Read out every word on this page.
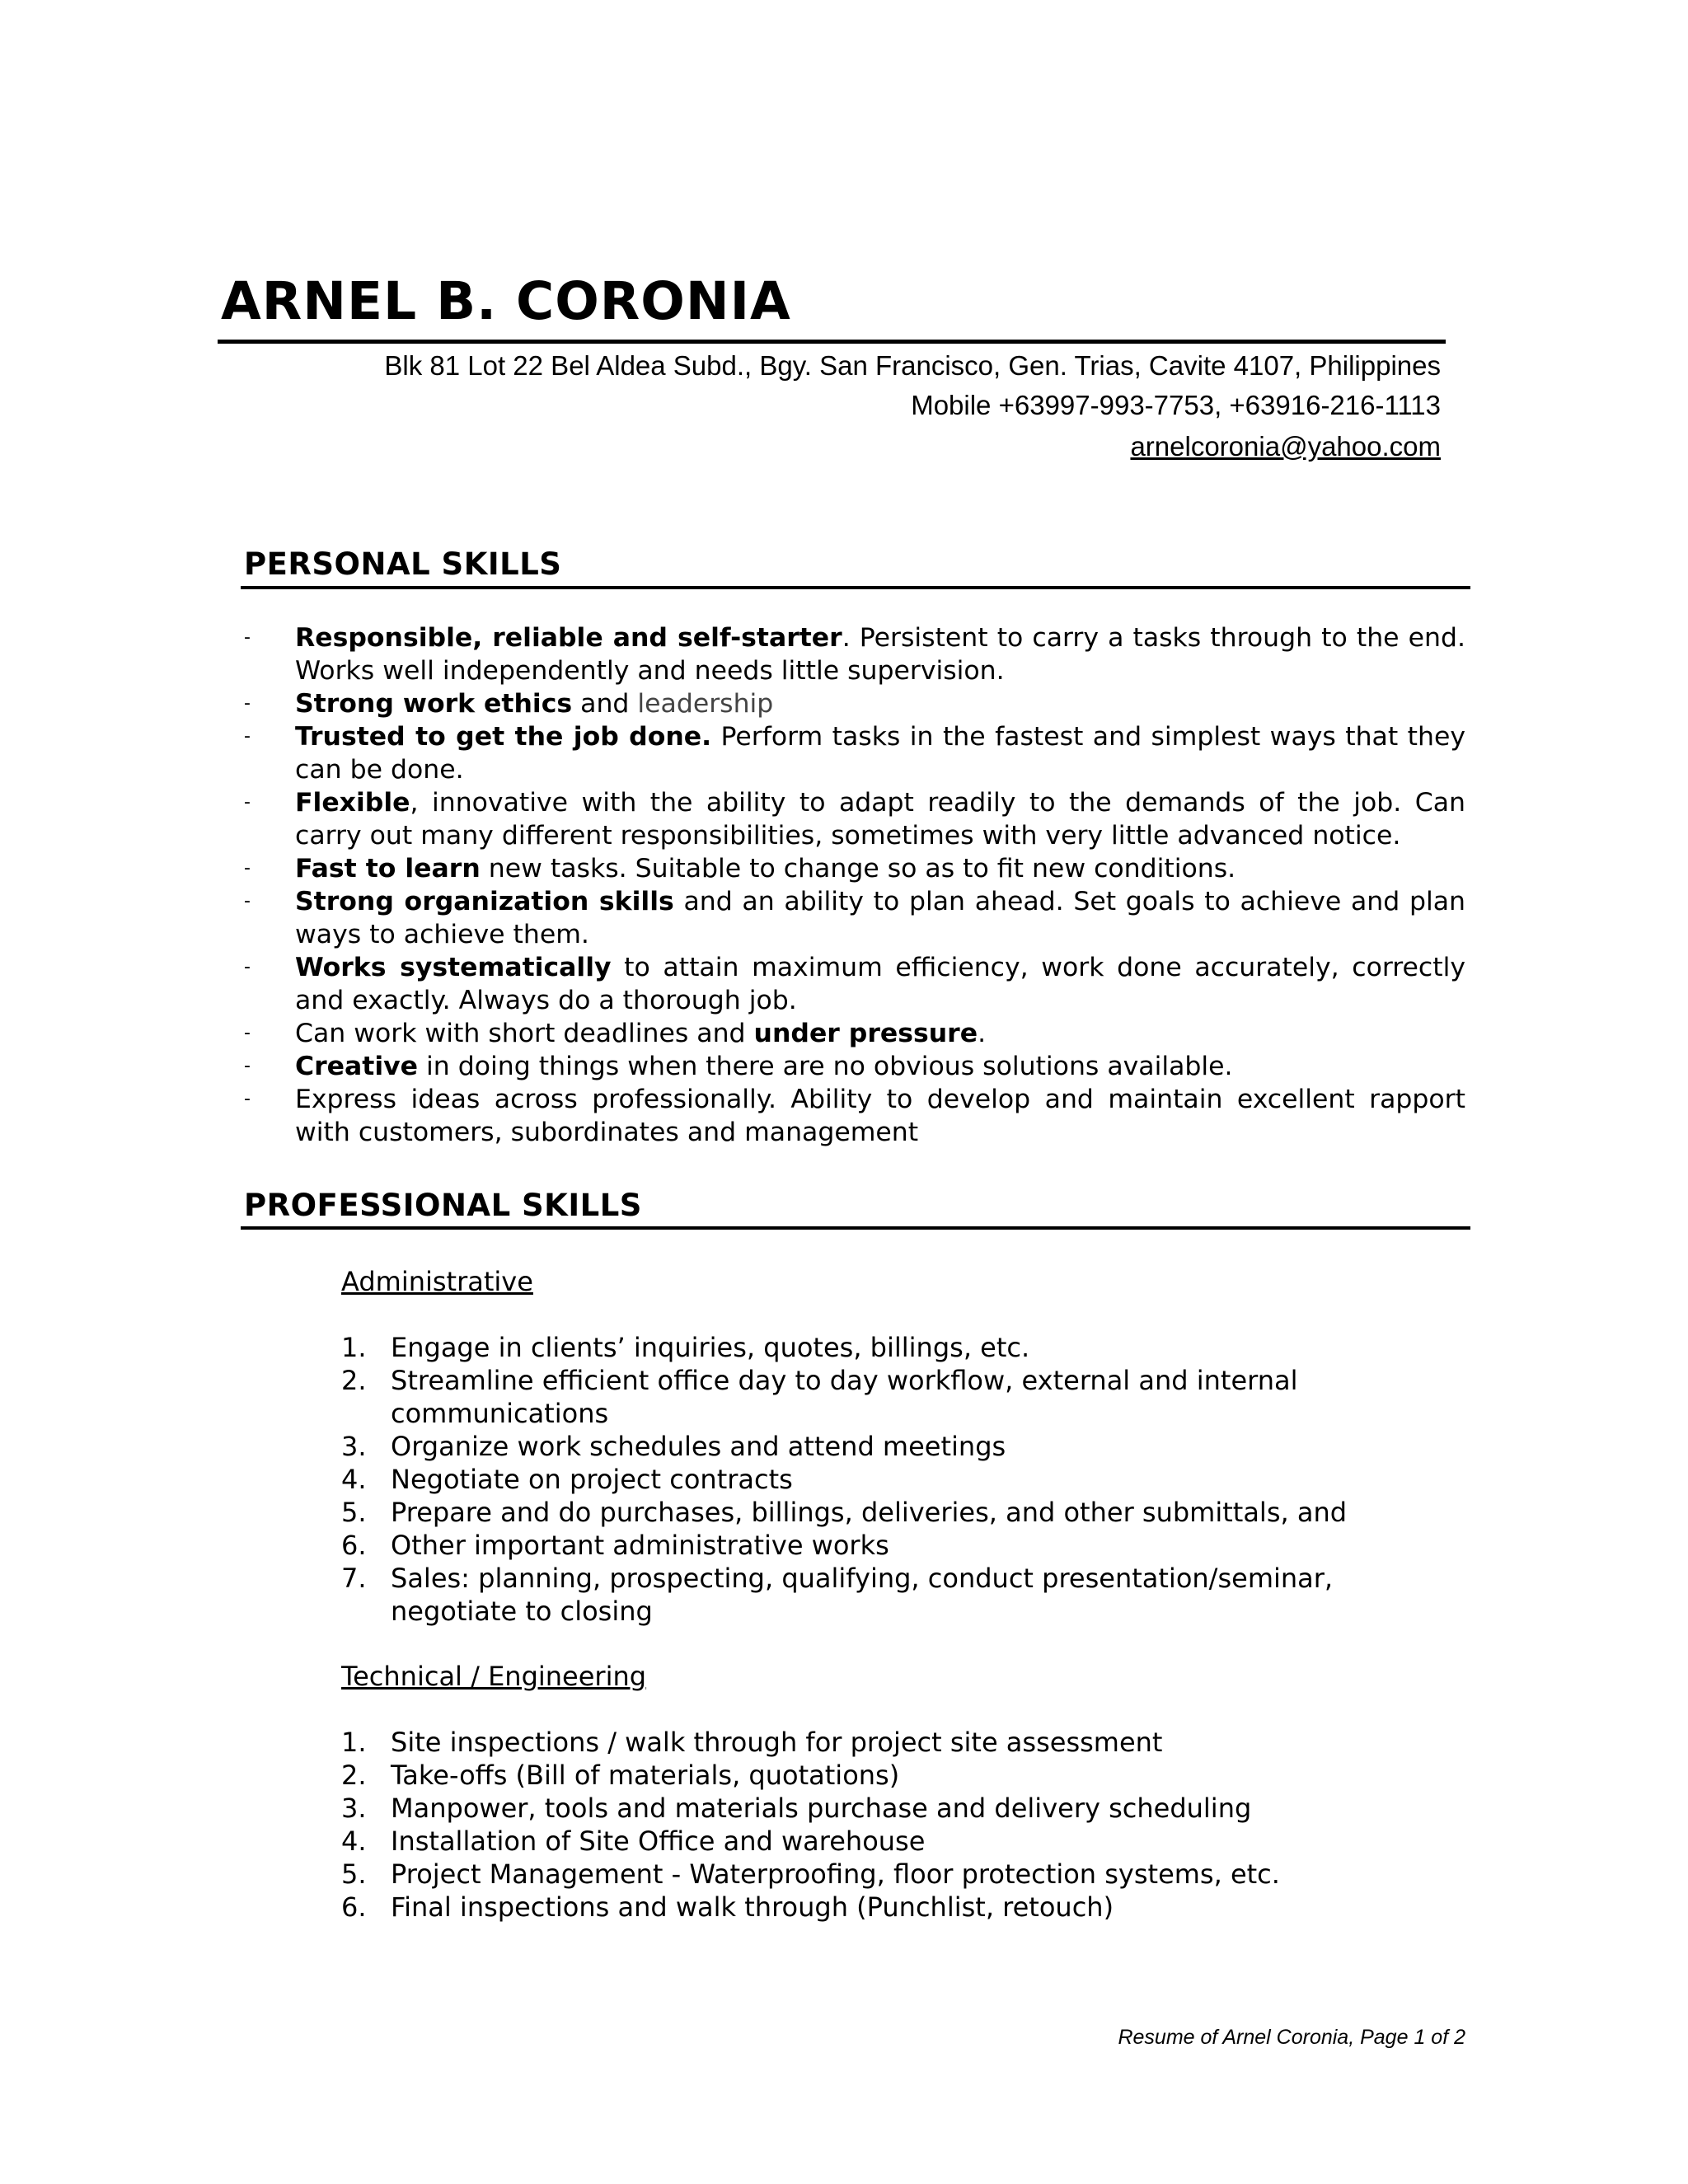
ARNEL B. CORONIA

Blk 81 Lot 22 Bel Aldea Subd., Bgy. San Francisco, Gen. Trias, Cavite 4107, Philippines

Mobile +63997-993-7753, +63916-216-1113

arnelcoronia@yahoo.com

PERSONAL SKILLS
- Responsible, reliable and self-starter. Persistent to carry a tasks through to the end. Works well independently and needs little supervision.
- Strong work ethics and leadership
- Trusted to get the job done. Perform tasks in the fastest and simplest ways that they can be done.
- Flexible, innovative with the ability to adapt readily to the demands of the job. Can carry out many different responsibilities, sometimes with very little advanced notice.
- Fast to learn new tasks. Suitable to change so as to fit new conditions.
- Strong organization skills and an ability to plan ahead. Set goals to achieve and plan ways to achieve them.
- Works systematically to attain maximum efficiency, work done accurately, correctly and exactly. Always do a thorough job.
- Can work with short deadlines and under pressure.
- Creative in doing things when there are no obvious solutions available.
- Express ideas across professionally. Ability to develop and maintain excellent rapport with customers, subordinates and management
PROFESSIONAL SKILLS

Administrative

1. Engage in clients’ inquiries, quotes, billings, etc.
2. Streamline efficient office day to day workflow, external and internal communications
3. Organize work schedules and attend meetings
4. Negotiate on project contracts
5. Prepare and do purchases, billings, deliveries, and other submittals, and
6. Other important administrative works
7. Sales: planning, prospecting, qualifying, conduct presentation/seminar, negotiate to closing

Technical / Engineering

1. Site inspections / walk through for project site assessment
2. Take-offs (Bill of materials, quotations)
3. Manpower, tools and materials purchase and delivery scheduling
4. Installation of Site Office and warehouse
5. Project Management - Waterproofing, floor protection systems, etc.
6. Final inspections and walk through (Punchlist, retouch)

Resume of Arnel Coronia, Page 1 of 2
